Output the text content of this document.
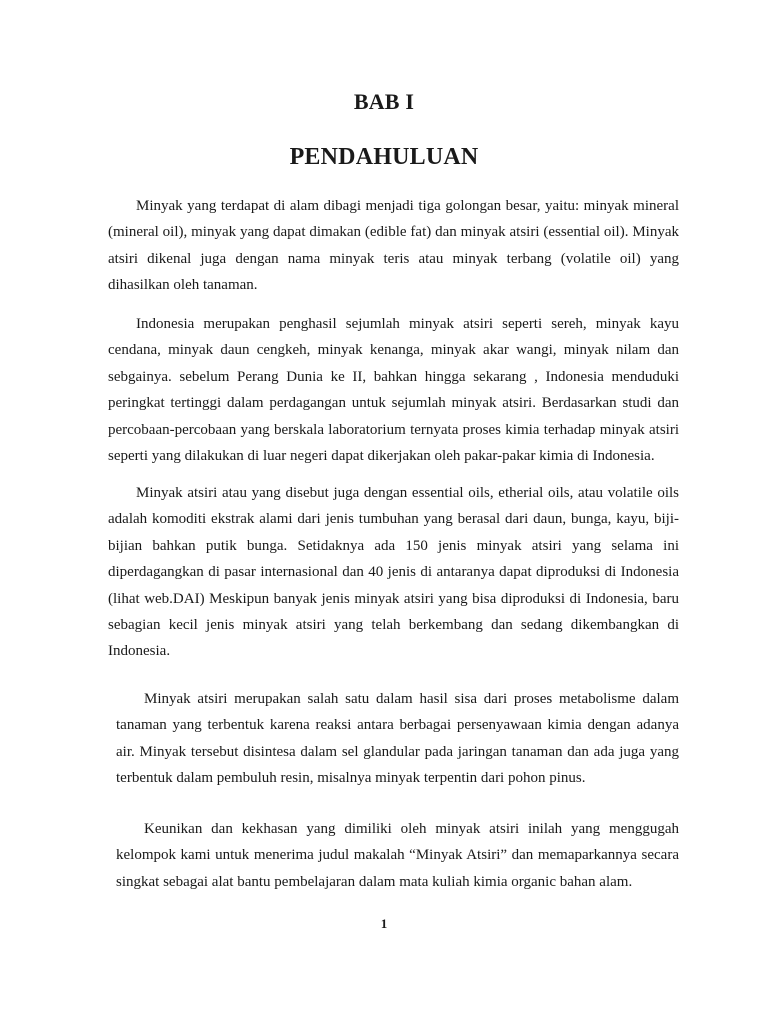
BAB I
PENDAHULUAN

Minyak yang terdapat di alam dibagi menjadi tiga golongan besar, yaitu: minyak mineral (mineral oil), minyak yang dapat dimakan (edible fat) dan minyak atsiri (essential oil). Minyak atsiri dikenal juga dengan nama minyak teris atau minyak terbang (volatile oil) yang dihasilkan oleh tanaman.

Indonesia merupakan penghasil sejumlah minyak atsiri seperti sereh, minyak kayu cendana, minyak daun cengkeh, minyak kenanga, minyak akar wangi, minyak nilam dan sebgainya. sebelum Perang Dunia ke II, bahkan hingga sekarang , Indonesia menduduki peringkat tertinggi dalam perdagangan untuk sejumlah minyak atsiri. Berdasarkan studi dan percobaan-percobaan yang berskala laboratorium ternyata proses kimia terhadap minyak atsiri seperti yang dilakukan di luar negeri dapat dikerjakan oleh pakar-pakar kimia di Indonesia.

Minyak atsiri atau yang disebut juga dengan essential oils, etherial oils, atau volatile oils adalah komoditi ekstrak alami dari jenis tumbuhan yang berasal dari daun, bunga, kayu, biji-bijian bahkan putik bunga. Setidaknya ada 150 jenis minyak atsiri yang selama ini diperdagangkan di pasar internasional dan 40 jenis di antaranya dapat diproduksi di Indonesia (lihat web.DAI) Meskipun banyak jenis minyak atsiri yang bisa diproduksi di Indonesia, baru sebagian kecil jenis minyak atsiri yang telah berkembang dan sedang dikembangkan di Indonesia.

Minyak atsiri merupakan salah satu dalam hasil sisa dari proses metabolisme dalam tanaman yang terbentuk karena reaksi antara berbagai persenyawaan kimia dengan adanya air. Minyak tersebut disintesa dalam sel glandular pada jaringan tanaman dan ada juga yang terbentuk dalam pembuluh resin, misalnya minyak terpentin dari pohon pinus.

Keunikan dan kekhasan yang dimiliki oleh minyak atsiri inilah yang menggugah kelompok kami untuk menerima judul makalah “Minyak Atsiri” dan memaparkannya secara singkat sebagai alat bantu pembelajaran dalam mata kuliah kimia organic bahan alam.

1
